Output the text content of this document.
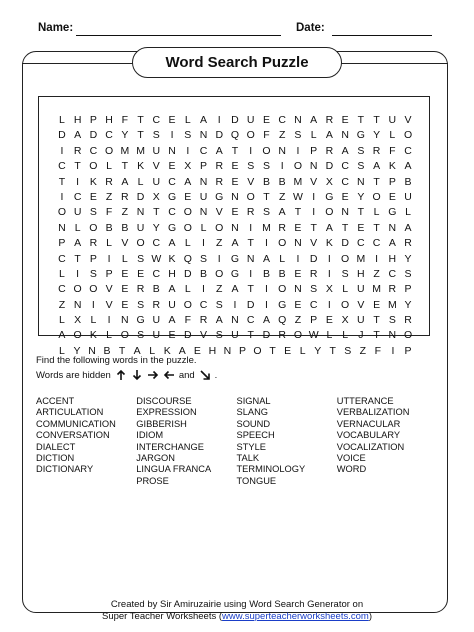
Name:	Date:
Word Search Puzzle
L H P H F T C E L A	I D U E C N A R E T T U V
D A D C Y T S	I	S N D Q O F Z S L A N G Y L O
I R C O M M U N I C A T	I O N I	P R A S R F C
C T O L T K V E X P R E S S	I O N D C S A K A
T	I	K R A L U C A N R E V B B M V X C N T P B
I C E Z R D X G E U G N O T Z W I G E Y O E U
O U S F Z N T C O N V E R S A T	I O N T L G L
N L O B B U Y G O L O N I M R E T A T E T N A
P A R L V O C A L	I	Z A T	I O N V K D C C A R
C T P	I	L S W K Q S	I G N A L	I D I O M I H Y
L	I	S P E E C H D B O G I	B B E R I	S H Z C S
C O O V E R B A L	I	Z A T	I O N S X L U M R P
Z N I	V E S R U O C S	I D I G E C I O V E M Y
L X L	I N G U A F R A N C A Q Z P E X U T S R
A O K L O S U E D V S U T D R O W L L J T N O
L Y N B T A L K A E H N P O T E L Y T S Z F I P
Find the following words in the puzzle.
Words are hidden	and .
ACCENT
ARTICULATION
COMMUNICATION
CONVERSATION
DIALECT
DICTION
DICTIONARY
DISCOURSE
EXPRESSION
GIBBERISH
IDIOM
INTERCHANGE
JARGON
LINGUA FRANCA
PROSE
SIGNAL
SLANG
SOUND
SPEECH
STYLE
TALK
TERMINOLOGY
TONGUE
UTTERANCE
VERBALIZATION
VERNACULAR
VOCABULARY
VOCALIZATION
VOICE
WORD
Created by Sir Amiruzairie using Word Search Generator on
Super Teacher Worksheets (www.superteacherworksheets.com)
